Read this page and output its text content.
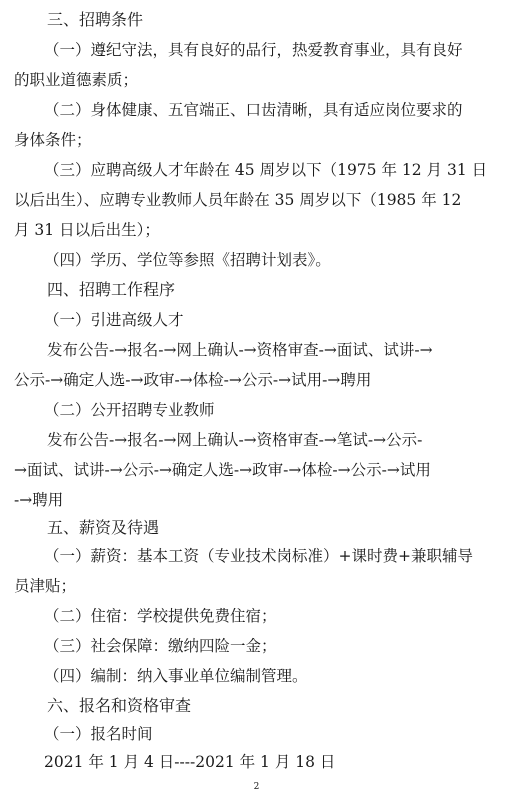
三、招聘条件

（一）遵纪守法，具有良好的品行，热爱教育事业，具有良好

的职业道德素质；

（二）身体健康、五官端正、口齿清晰，具有适应岗位要求的

身体条件；

（三）应聘高级人才年龄在 45 周岁以下（1975 年 12 月 31 日

以后出生）、应聘专业教师人员年龄在 35 周岁以下（1985 年 12

月 31 日以后出生）；

（四）学历、学位等参照《招聘计划表》。

四、招聘工作程序

（一）引进高级人才

发布公告-→报名-→网上确认-→资格审查-→面试、试讲-→

公示-→确定人选-→政审-→体检-→公示-→试用-→聘用

（二）公开招聘专业教师

发布公告-→报名-→网上确认-→资格审查-→笔试-→公示-

→面试、试讲-→公示-→确定人选-→政审-→体检-→公示-→试用

-→聘用

五、薪资及待遇

（一）薪资：基本工资（专业技术岗标准）+课时费+兼职辅导

员津贴；

（二）住宿：学校提供免费住宿；

（三）社会保障：缴纳四险一金；

（四）编制：纳入事业单位编制管理。

六、报名和资格审查

（一）报名时间

2021 年 1 月 4 日----2021 年 1 月 18 日

2
